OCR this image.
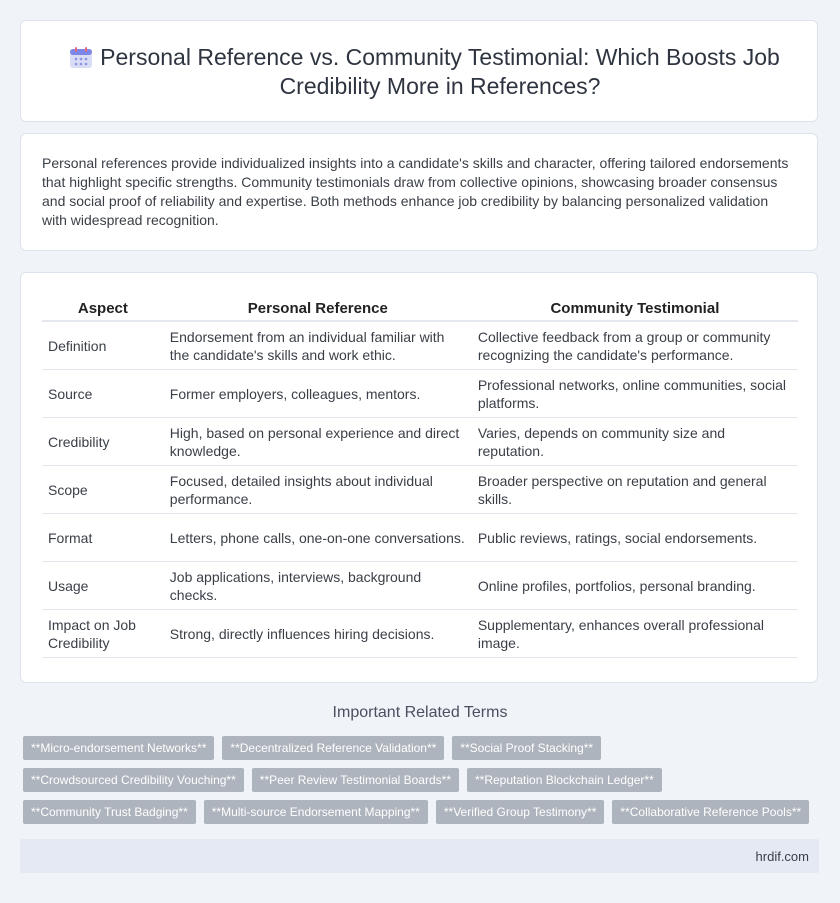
Personal Reference vs. Community Testimonial: Which Boosts Job Credibility More in References?

Personal references provide individualized insights into a candidate's skills and character, offering tailored endorsements that highlight specific strengths. Community testimonials draw from collective opinions, showcasing broader consensus and social proof of reliability and expertise. Both methods enhance job credibility by balancing personalized validation with widespread recognition.

Aspect	Personal Reference	Community Testimonial
Definition	Endorsement from an individual familiar with the candidate's skills and work ethic.	Collective feedback from a group or community recognizing the candidate's performance.
Source	Former employers, colleagues, mentors.	Professional networks, online communities, social platforms.
Credibility	High, based on personal experience and direct knowledge.	Varies, depends on community size and reputation.
Scope	Focused, detailed insights about individual performance.	Broader perspective on reputation and general skills.
Format	Letters, phone calls, one-on-one conversations.	Public reviews, ratings, social endorsements.
Usage	Job applications, interviews, background checks.	Online profiles, portfolios, personal branding.
Impact on Job Credibility	Strong, directly influences hiring decisions.	Supplementary, enhances overall professional image.
Important Related Terms
**Micro-endorsement Networks**	**Decentralized Reference Validation**	**Social Proof Stacking**
**Crowdsourced Credibility Vouching**	**Peer Review Testimonial Boards**	**Reputation Blockchain Ledger**
**Community Trust Badging**	**Multi-source Endorsement Mapping**	**Verified Group Testimony**	**Collaborative Reference Pools**
hrdif.com
